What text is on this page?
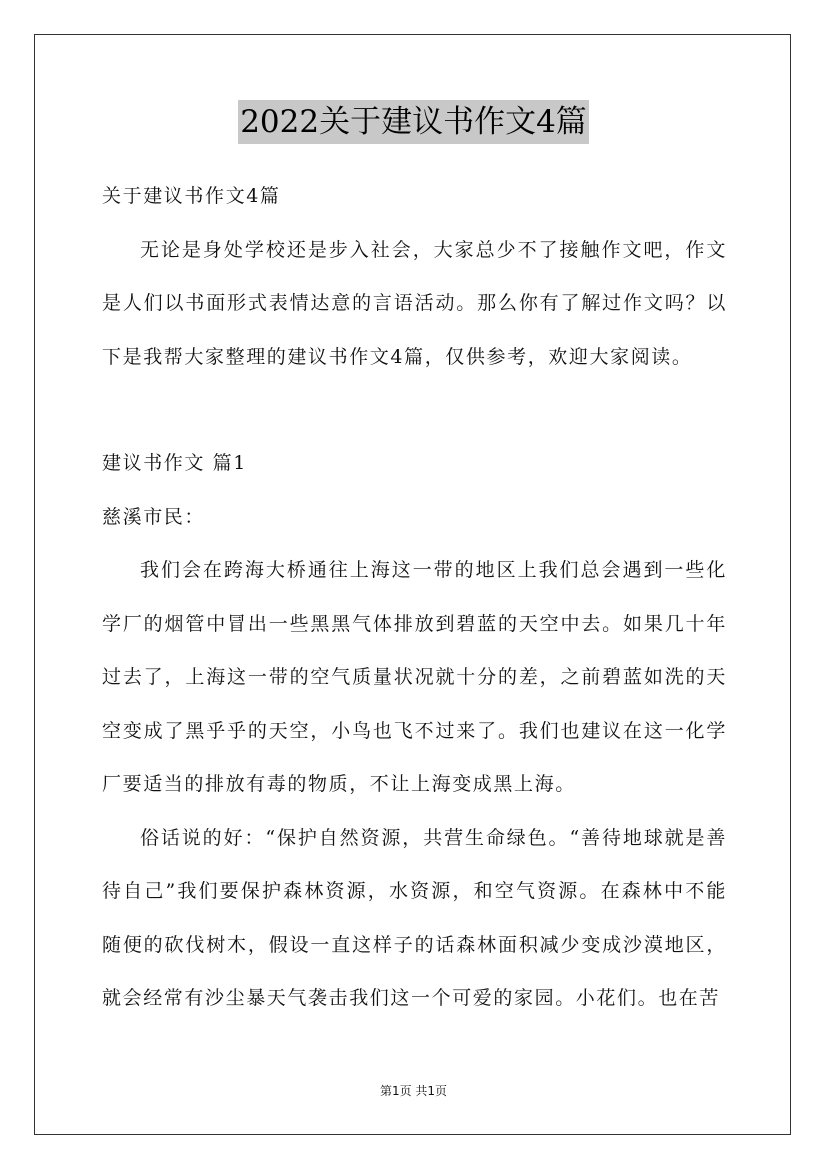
2022关于建议书作文4篇

关于建议书作文4篇

无论是身处学校还是步入社会，大家总少不了接触作文吧，作文是人们以书面形式表情达意的言语活动。那么你有了解过作文吗？以下是我帮大家整理的建议书作文4篇，仅供参考，欢迎大家阅读。

建议书作文 篇1

慈溪市民：

我们会在跨海大桥通往上海这一带的地区上我们总会遇到一些化学厂的烟管中冒出一些黑黑气体排放到碧蓝的天空中去。如果几十年过去了，上海这一带的空气质量状况就十分的差，之前碧蓝如洗的天空变成了黑乎乎的天空，小鸟也飞不过来了。我们也建议在这一化学厂要适当的排放有毒的物质，不让上海变成黑上海。

俗话说的好：“保护自然资源，共营生命绿色。“善待地球就是善待自己”我们要保护森林资源，水资源，和空气资源。在森林中不能随便的砍伐树木，假设一直这样子的话森林面积减少变成沙漠地区，就会经常有沙尘暴天气袭击我们这一个可爱的家园。小花们。也在苦

第1页 共1页
